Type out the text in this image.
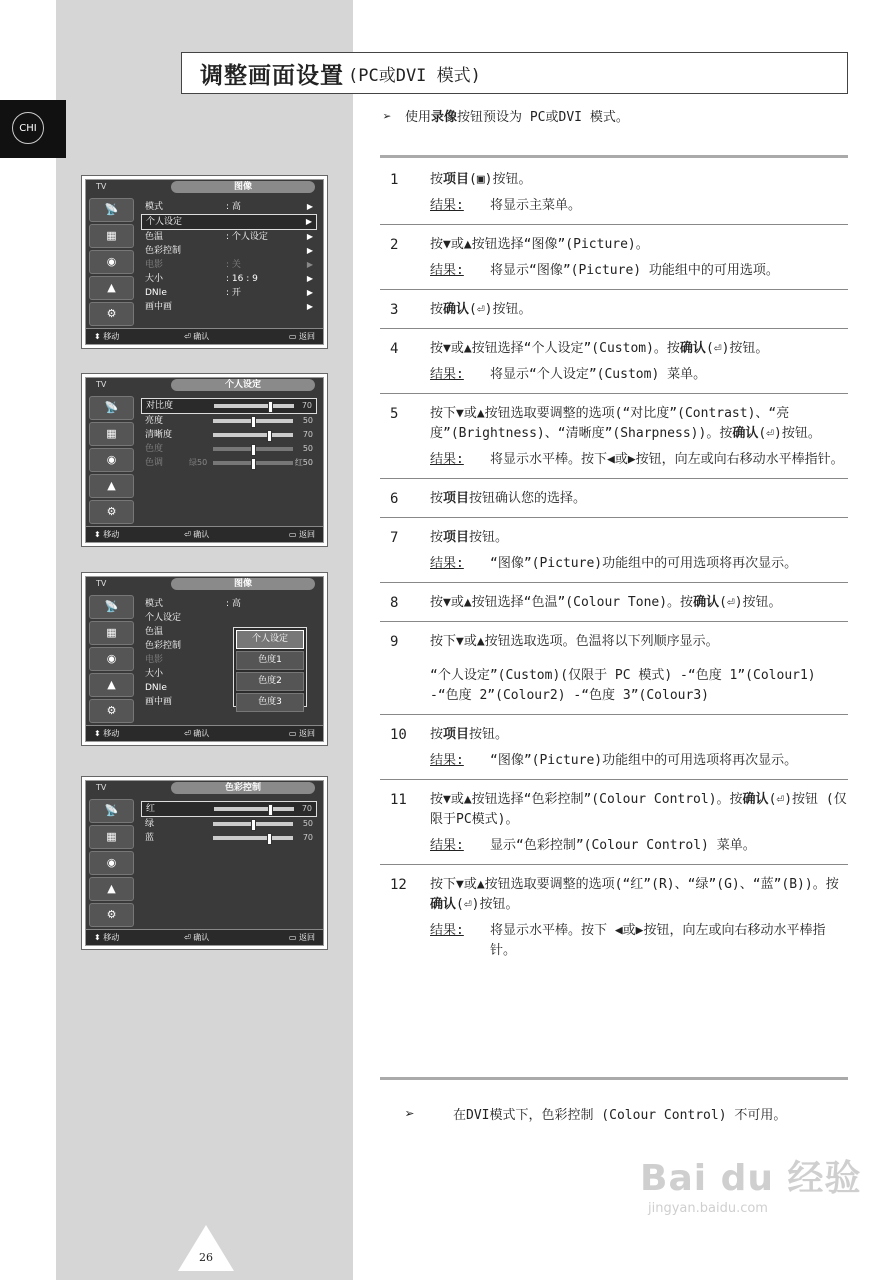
CHI
调整画面设置 (PC或DVI 模式)
➢ 使用录像按钮预设为 PC或DVI 模式。
1 按项目(▣)按钮。
结果:	将显示主菜单。
2 按▼或▲按钮选择“图像”(Picture)。
结果:	将显示“图像”(Picture) 功能组中的可用选项。
3 按确认(⏎)按钮。
4 按▼或▲按钮选择“个人设定”(Custom)。按确认(⏎)按钮。
结果:	将显示“个人设定”(Custom) 菜单。
5 按下▼或▲按钮选取要调整的选项(“对比度”(Contrast)、“亮度”(Brightness)、“清晰度”(Sharpness))。按确认(⏎)按钮。
结果:	将显示水平棒。按下◀或▶按钮，向左或向右移动水平棒指针。
6 按项目按钮确认您的选择。
7 按项目按钮。
结果:	“图像”(Picture)功能组中的可用选项将再次显示。
8 按▼或▲按钮选择“色温”(Colour Tone)。按确认(⏎)按钮。
9 按下▼或▲按钮选取选项。色温将以下列顺序显示。
“个人设定”(Custom)(仅限于 PC 模式) -“色度 1”(Colour1) -“色度 2”(Colour2) -“色度 3”(Colour3)
10 按项目按钮。
结果:	“图像”(Picture)功能组中的可用选项将再次显示。
11 按▼或▲按钮选择“色彩控制”(Colour Control)。按确认(⏎)按钮 (仅限于PC模式)。
结果:	显示“色彩控制”(Colour Control) 菜单。
12 按下▼或▲按钮选取要调整的选项(“红”(R)、“绿”(G)、“蓝”(B))。按确认(⏎)按钮。
结果:	将显示水平棒。按下 ◀或▶按钮，向左或向右移动水平棒指针。
➢	在DVI模式下，色彩控制 (Colour Control) 不可用。
26
Bai du 经验
jingyan.baidu.com
TV	图像
📡
▦
◉
▲
⚙
模式	: 高	▶
个人设定	▶
色温	: 个人设定	▶
色彩控制	▶
电影	: 关	▶
大小	: 16 : 9	▶
DNIe	: 开	▶
画中画	▶
⬍ 移动	⏎ 确认	▭ 返回
TV	个人设定
📡
▦
◉
▲
⚙
对比度	70
亮度	50
清晰度	70
色度	50
色调	绿50	红50
⬍ 移动	⏎ 确认	▭ 返回
TV	图像
📡
▦
◉
▲
⚙
模式	: 高
个人设定
色温
色彩控制
电影
大小
DNIe
画中画
个人设定
色度1
色度2
色度3
⬍ 移动	⏎ 确认	▭ 返回
TV	色彩控制
📡
▦
◉
▲
⚙
红	70
绿	50
蓝	70
⬍ 移动	⏎ 确认	▭ 返回
